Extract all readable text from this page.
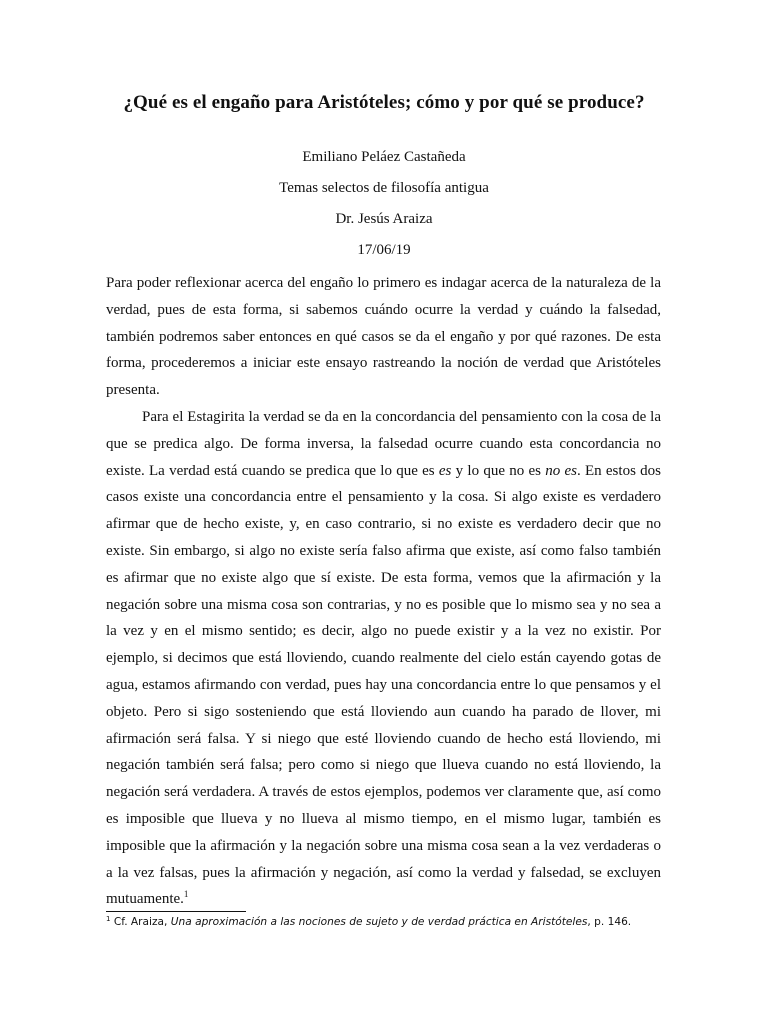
¿Qué es el engaño para Aristóteles; cómo y por qué se produce?
Emiliano Peláez Castañeda
Temas selectos de filosofía antigua
Dr. Jesús Araiza
17/06/19

Para poder reflexionar acerca del engaño lo primero es indagar acerca de la naturaleza de la verdad, pues de esta forma, si sabemos cuándo ocurre la verdad y cuándo la falsedad, también podremos saber entonces en qué casos se da el engaño y por qué razones. De esta forma, procederemos a iniciar este ensayo rastreando la noción de verdad que Aristóteles presenta.

Para el Estagirita la verdad se da en la concordancia del pensamiento con la cosa de la que se predica algo. De forma inversa, la falsedad ocurre cuando esta concordancia no existe. La verdad está cuando se predica que lo que es es y lo que no es no es. En estos dos casos existe una concordancia entre el pensamiento y la cosa. Si algo existe es verdadero afirmar que de hecho existe, y, en caso contrario, si no existe es verdadero decir que no existe. Sin embargo, si algo no existe sería falso afirma que existe, así como falso también es afirmar que no existe algo que sí existe. De esta forma, vemos que la afirmación y la negación sobre una misma cosa son contrarias, y no es posible que lo mismo sea y no sea a la vez y en el mismo sentido; es decir, algo no puede existir y a la vez no existir. Por ejemplo, si decimos que está lloviendo, cuando realmente del cielo están cayendo gotas de agua, estamos afirmando con verdad, pues hay una concordancia entre lo que pensamos y el objeto. Pero si sigo sosteniendo que está lloviendo aun cuando ha parado de llover, mi afirmación será falsa. Y si niego que esté lloviendo cuando de hecho está lloviendo, mi negación también será falsa; pero como si niego que llueva cuando no está lloviendo, la negación será verdadera. A través de estos ejemplos, podemos ver claramente que, así como es imposible que llueva y no llueva al mismo tiempo, en el mismo lugar, también es imposible que la afirmación y la negación sobre una misma cosa sean a la vez verdaderas o a la vez falsas, pues la afirmación y negación, así como la verdad y falsedad, se excluyen mutuamente.$^1$

$^1$ Cf. Araiza, Una aproximación a las nociones de sujeto y de verdad práctica en Aristóteles, p. 146.
